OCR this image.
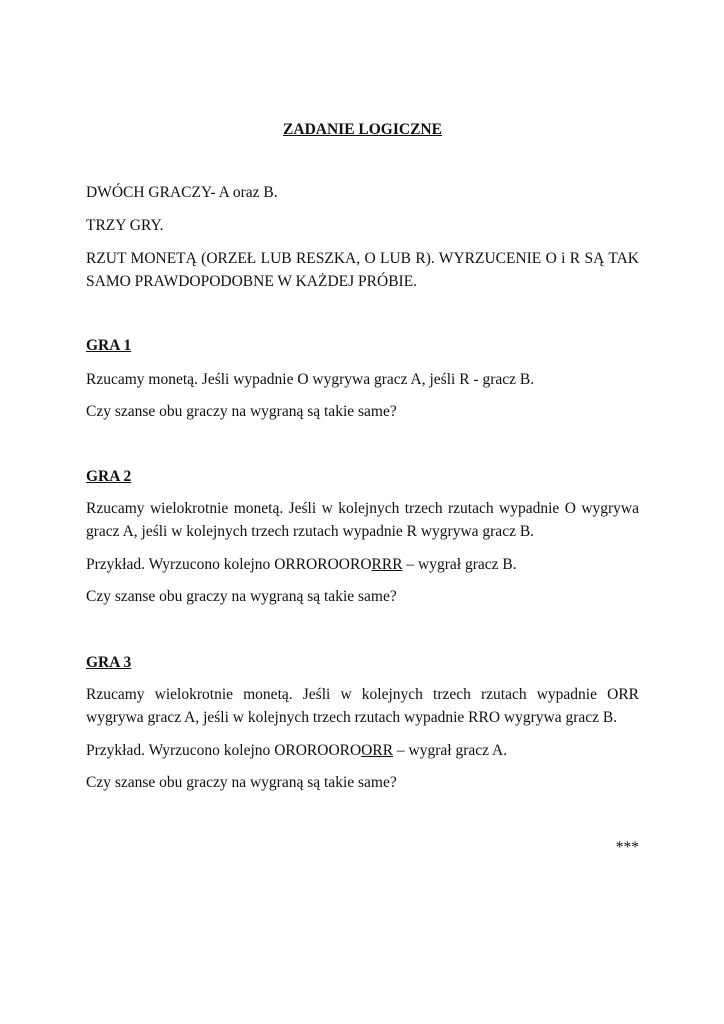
ZADANIE LOGICZNE

DWÓCH GRACZY- A oraz B.

TRZY GRY.

RZUT MONETĄ (ORZEŁ LUB RESZKA, O LUB R). WYRZUCENIE O i R SĄ TAK SAMO PRAWDOPODOBNE W KAŻDEJ PRÓBIE.

GRA 1

Rzucamy monetą. Jeśli wypadnie O wygrywa gracz A, jeśli R - gracz B.

Czy szanse obu graczy na wygraną są takie same?

GRA 2

Rzucamy wielokrotnie monetą. Jeśli w kolejnych trzech rzutach wypadnie O wygrywa gracz A, jeśli w kolejnych trzech rzutach wypadnie R wygrywa gracz B.

Przykład. Wyrzucono kolejno ORROROORORRR – wygrał gracz B.

Czy szanse obu graczy na wygraną są takie same?

GRA 3

Rzucamy wielokrotnie monetą. Jeśli w kolejnych trzech rzutach wypadnie ORR wygrywa gracz A, jeśli w kolejnych trzech rzutach wypadnie RRO wygrywa gracz B.

Przykład. Wyrzucono kolejno OROROOROORR – wygrał gracz A.

Czy szanse obu graczy na wygraną są takie same?

***
